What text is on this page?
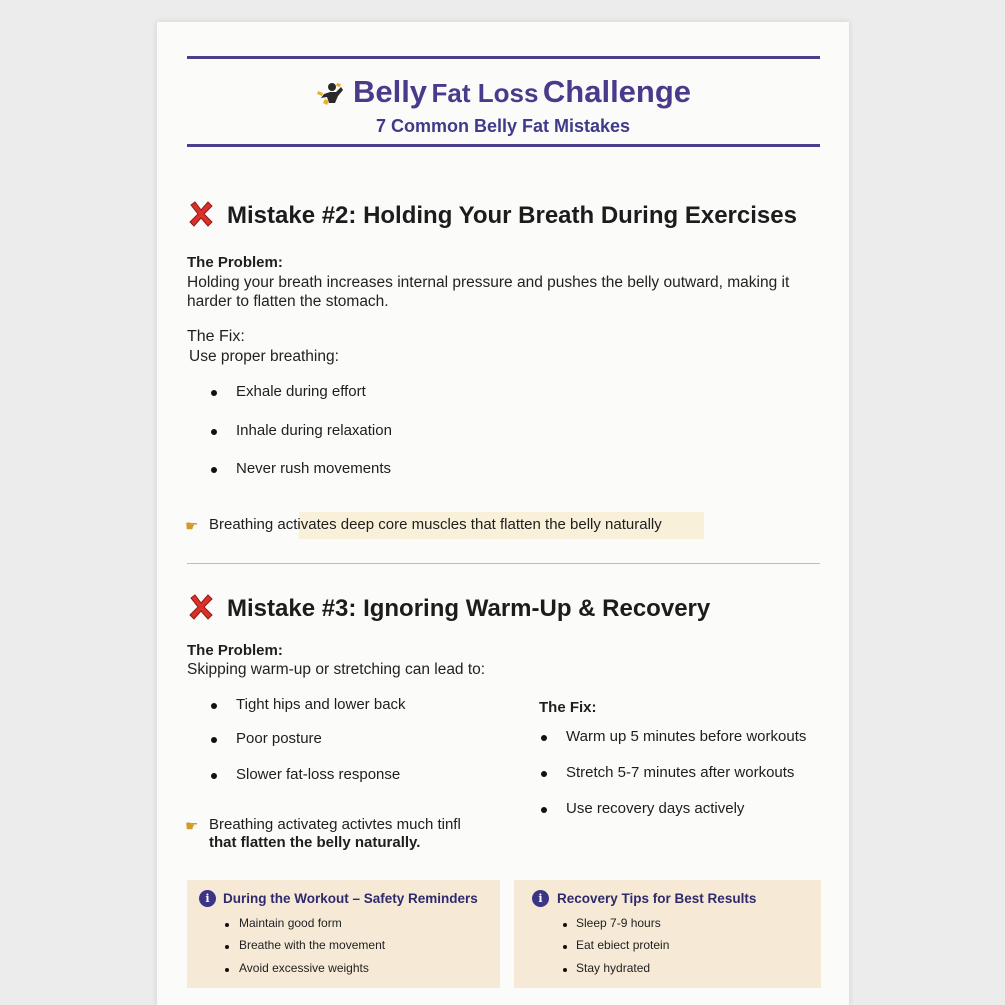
Belly Fat Loss Challenge
7 Common Belly Fat Mistakes
Mistake #2: Holding Your Breath During Exercises
The Problem:
Holding your breath increases internal pressure and pushes the belly outward, making it harder to flatten the stomach.
The Fix:
Use proper breathing:
Exhale during effort
Inhale during relaxation
Never rush movements
☛ Breathing activates deep core muscles that flatten the belly naturally
Mistake #3: Ignoring Warm-Up & Recovery
The Problem:
Skipping warm-up or stretching can lead to:
Tight hips and lower back
Poor posture
Slower fat-loss response
The Fix:
Warm up 5 minutes before workouts
Stretch 5-7 minutes after workouts
Use recovery days actively
☛ Breathing activateg activtes much tinfl
that flatten the belly naturally.
i During the Workout – Safety Reminders
Maintain good form
Breathe with the movement
Avoid excessive weights
i	Recovery Tips for Best Results
Sleep 7-9 hours
Eat ebiect protein
Stay hydrated
